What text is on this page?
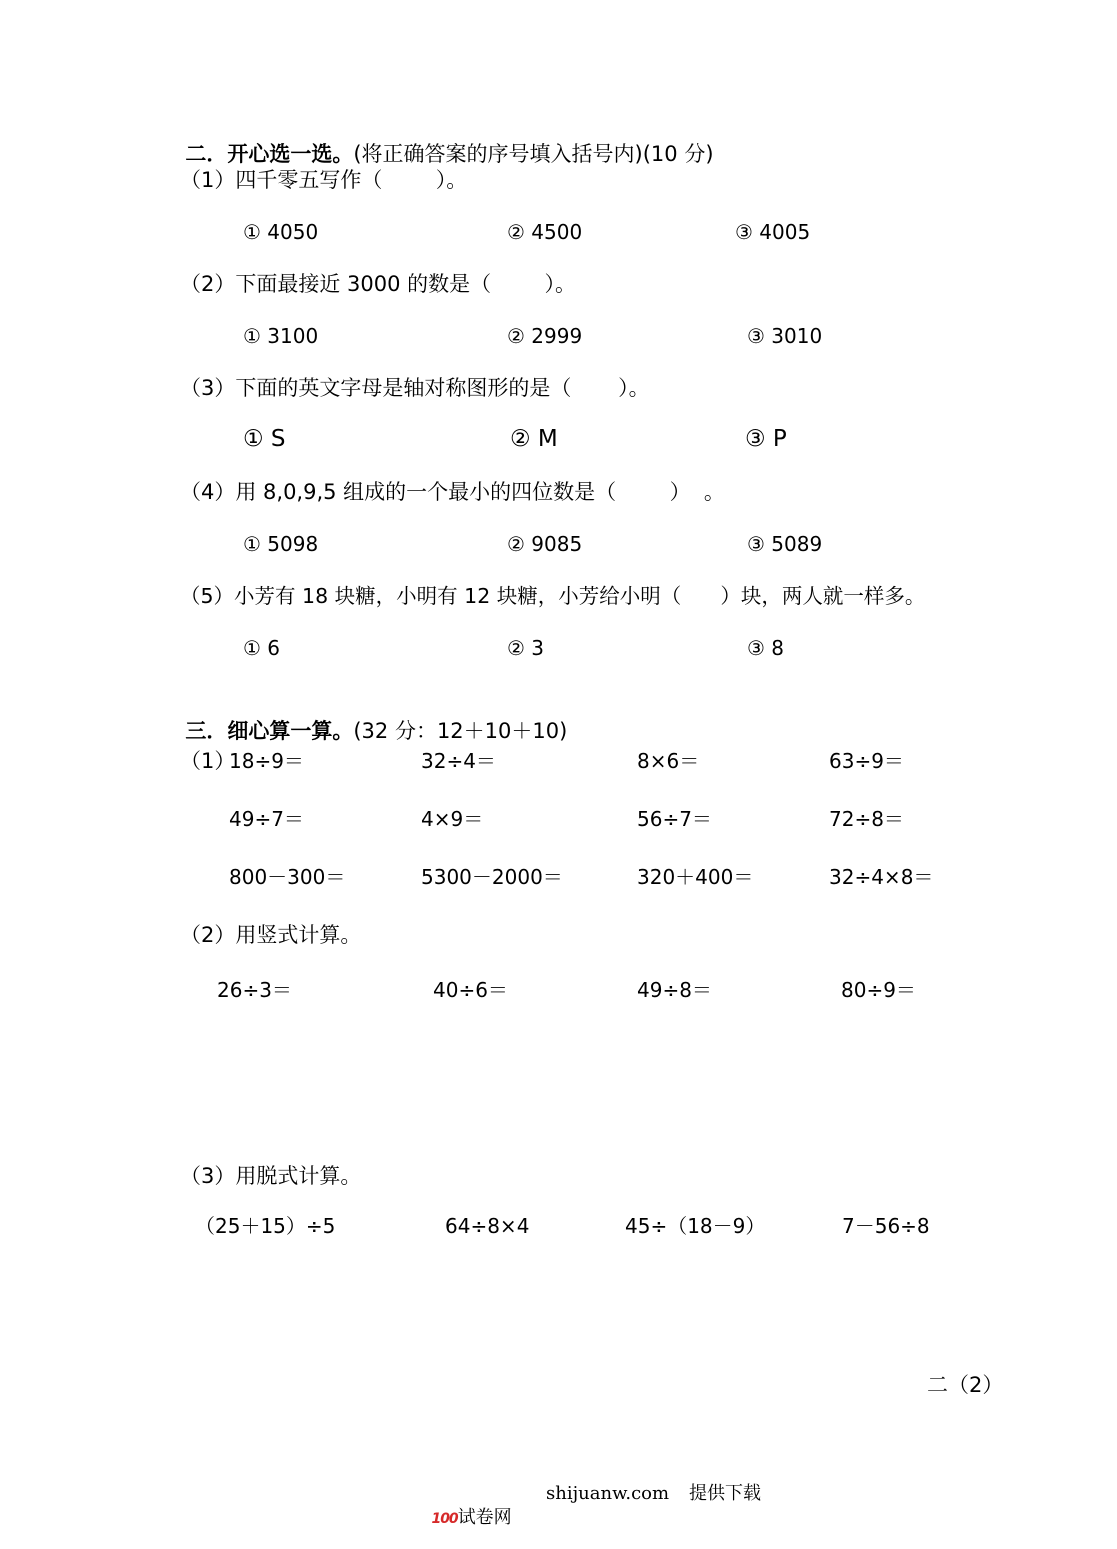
二．开心选一选。(将正确答案的序号填入括号内)(10 分)

（1）四千零五写作（        ）。
① 4050	② 4500	③ 4005
（2）下面最接近 3000 的数是（        ）。
① 3100	② 2999	③ 3010
（3）下面的英文字母是轴对称图形的是（       ）。
① S	② M	③ P
（4）用 8,0,9,5 组成的一个最小的四位数是（        ）  。
① 5098	② 9085	③ 5089
（5）小芳有 18 块糖，小明有 12 块糖，小芳给小明（      ）块，两人就一样多。
① 6	② 3	③ 8

三．细心算一算。(32 分：12＋10＋10)

（1）
18÷9＝	32÷4＝	8×6＝	63÷9＝
49÷7＝	4×9＝	56÷7＝	72÷8＝
800－300＝	5300－2000＝	320＋400＝	32÷4×8＝
（2）用竖式计算。
26÷3＝	40÷6＝	49÷8＝	80÷9＝
（3）用脱式计算。
（25＋15）÷5	64÷8×4	45÷（18－9）	7－56÷8
二（2）

100试卷网

shijuanw.com 提供下载
